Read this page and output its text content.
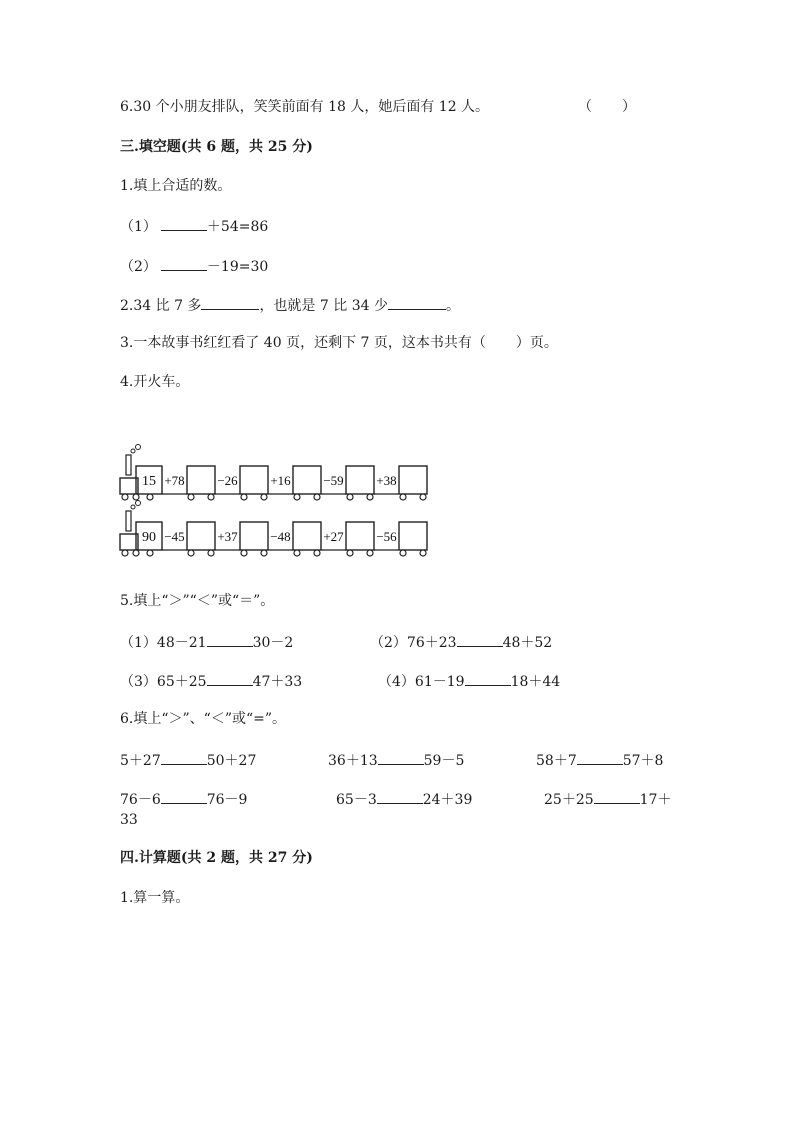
6.30 个小朋友排队，笑笑前面有 18 人，她后面有 12 人。	（ ）
三.填空题(共 6 题，共 25 分)
1.填上合适的数。
（1）	＋54=86
（2）	－19=30
2.34 比 7 多	，也就是 7 比 34 少	。
3.一本故事书红红看了 40 页，还剩下 7 页，这本书共有（ ）页。
4.开火车。
15 +78	−26	+16	−59	+38
90 −45	+37	−48	+27	−56
5.填上“＞”“＜”或“＝”。
（1）48－21	30－2	（2）76＋23	48＋52
（3）65＋25	47＋33	（4）61－19	18＋44
6.填上“＞”、“＜”或“=”。
5＋27	50＋27	36＋13	59－5	58＋7	57＋8
76－6	76－9	65－3	24＋39	25＋25	17＋
33
四.计算题(共 2 题，共 27 分)
1.算一算。
